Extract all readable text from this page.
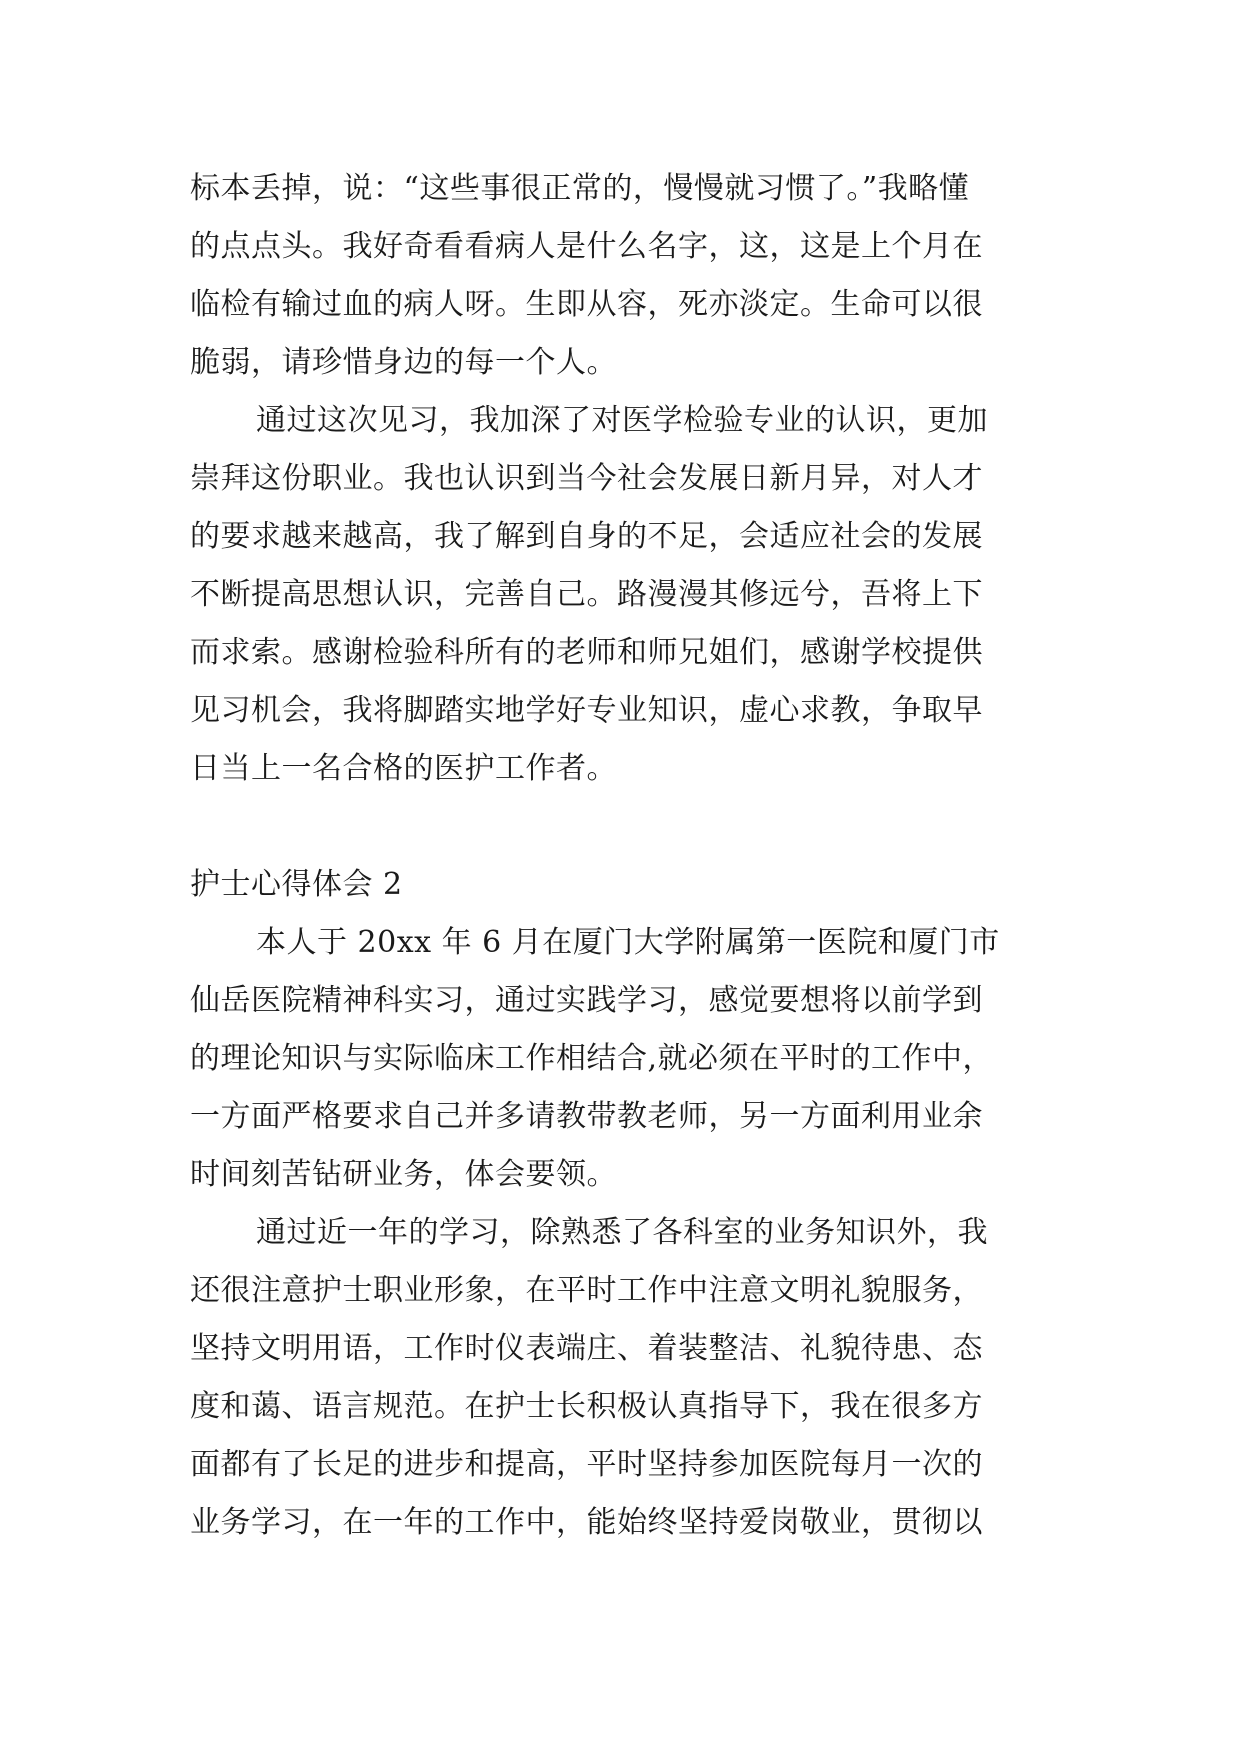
标本丢掉，说：“这些事很正常的，慢慢就习惯了。”我略懂
的点点头。我好奇看看病人是什么名字，这，这是上个月在
临检有输过血的病人呀。生即从容，死亦淡定。生命可以很
脆弱，请珍惜身边的每一个人。
通过这次见习，我加深了对医学检验专业的认识，更加
崇拜这份职业。我也认识到当今社会发展日新月异，对人才
的要求越来越高，我了解到自身的不足，会适应社会的发展
不断提高思想认识，完善自己。路漫漫其修远兮，吾将上下
而求索。感谢检验科所有的老师和师兄姐们，感谢学校提供
见习机会，我将脚踏实地学好专业知识，虚心求教，争取早
日当上一名合格的医护工作者。
护士心得体会 2
本人于 20xx 年 6 月在厦门大学附属第一医院和厦门市
仙岳医院精神科实习，通过实践学习，感觉要想将以前学到
的理论知识与实际临床工作相结合,就必须在平时的工作中，
一方面严格要求自己并多请教带教老师，另一方面利用业余
时间刻苦钻研业务，体会要领。
通过近一年的学习，除熟悉了各科室的业务知识外，我
还很注意护士职业形象，在平时工作中注意文明礼貌服务，
坚持文明用语，工作时仪表端庄、着装整洁、礼貌待患、态
度和蔼、语言规范。在护士长积极认真指导下，我在很多方
面都有了长足的进步和提高，平时坚持参加医院每月一次的
业务学习，在一年的工作中，能始终坚持爱岗敬业，贯彻以
